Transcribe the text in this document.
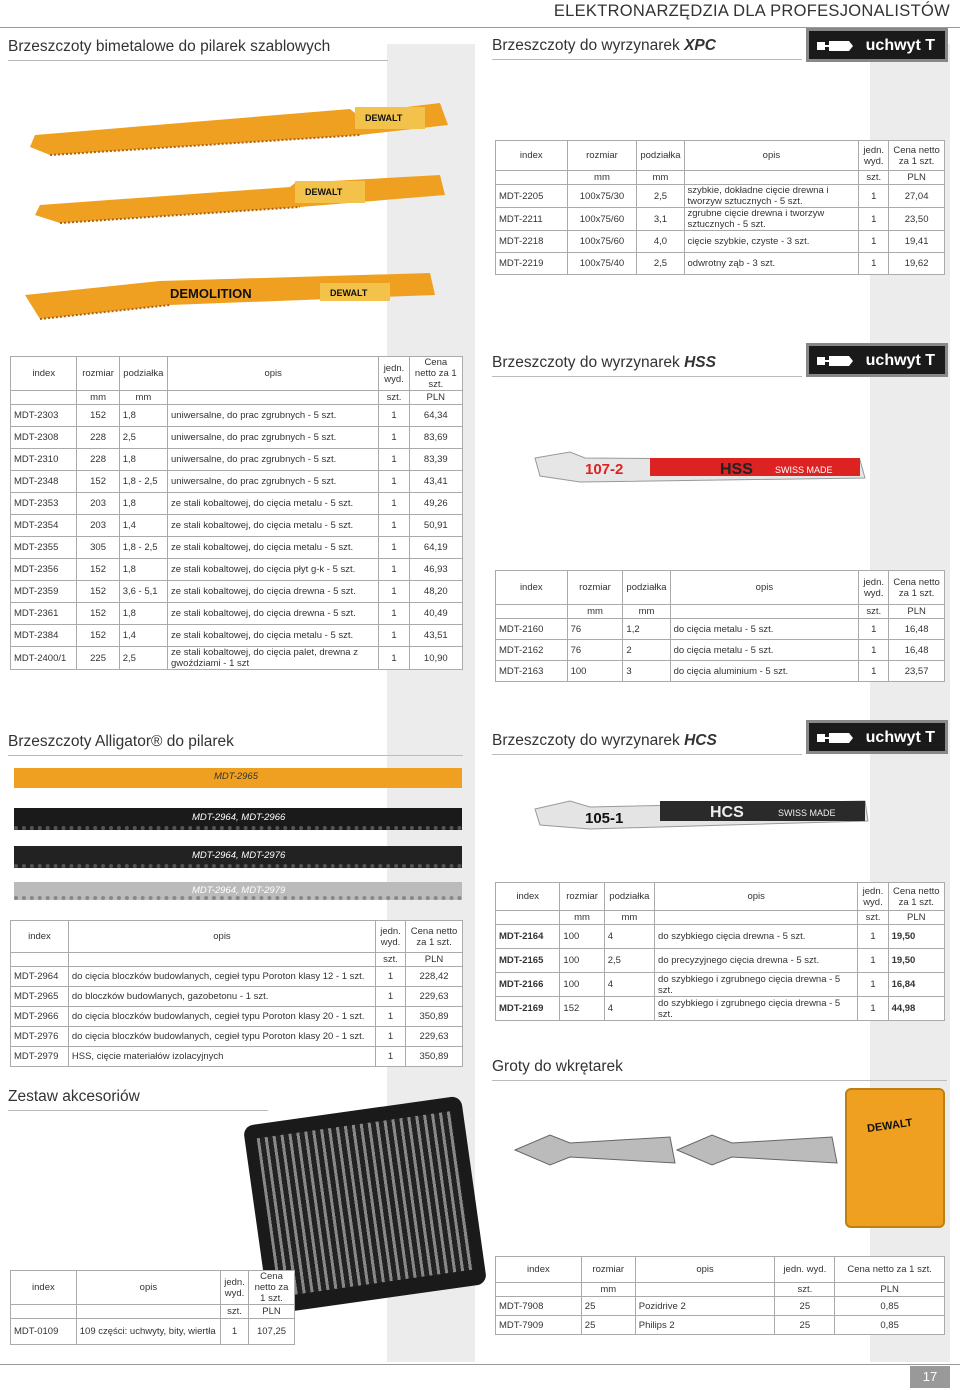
ELEKTRONARZĘDZIA DLA PROFESJONALISTÓW
Brzeszczoty bimetalowe do pilarek szablowych	Brzeszczoty do wyrzynarek XPC
Brzeszczoty do wyrzynarek HSS
Brzeszczoty Alligator® do pilarek	Brzeszczoty do wyrzynarek HCS
Groty do wkrętarek
Zestaw akcesoriów
uchwyt T
uchwyt T
uchwyt T
DEWALT
DEWALT
DEMOLITION	DEWALT
index	rozmiar	podziałka	opis	jedn. wyd.	Cena netto za 1 szt.
	mm	mm		szt.	PLN
MDT-2205	100x75/30	2,5	szybkie, dokładne cięcie drewna i tworzyw sztucznych - 5 szt.	1	27,04
MDT-2211	100x75/60	3,1	zgrubne cięcie drewna i tworzyw sztucznych - 5 szt.	1	23,50
MDT-2218	100x75/60	4,0	cięcie szybkie, czyste - 3 szt.	1	19,41
MDT-2219	100x75/40	2,5	odwrotny ząb - 3 szt.	1	19,62
107-2	HSS SWISS MADE
index	rozmiar	podziałka	opis	jedn. wyd.	Cena netto za 1 szt.
	mm	mm		szt.	PLN
MDT-2303	152	1,8	uniwersalne, do prac zgrubnych - 5 szt.	1	64,34
MDT-2308	228	2,5	uniwersalne, do prac zgrubnych - 5 szt.	1	83,69
MDT-2310	228	1,8	uniwersalne, do prac zgrubnych - 5 szt.	1	83,39
MDT-2348	152	1,8 - 2,5	uniwersalne, do prac zgrubnych - 5 szt.	1	43,41
MDT-2353	203	1,8	ze stali kobaltowej, do cięcia metalu - 5 szt.	1	49,26
MDT-2354	203	1,4	ze stali kobaltowej, do cięcia metalu - 5 szt.	1	50,91
MDT-2355	305	1,8 - 2,5	ze stali kobaltowej, do cięcia metalu - 5 szt.	1	64,19
MDT-2356	152	1,8	ze stali kobaltowej, do cięcia płyt g-k - 5 szt.	1	46,93
MDT-2359	152	3,6 - 5,1	ze stali kobaltowej, do cięcia drewna - 5 szt.	1	48,20
MDT-2361	152	1,8	ze stali kobaltowej, do cięcia drewna - 5 szt.	1	40,49
MDT-2384	152	1,4	ze stali kobaltowej, do cięcia metalu - 5 szt.	1	43,51
MDT-2400/1	225	2,5	ze stali kobaltowej, do cięcia palet, drewna z gwoździami - 1 szt	1	10,90
index	rozmiar	podziałka	opis	jedn. wyd.	Cena netto za 1 szt.
	mm	mm		szt.	PLN
MDT-2160	76	1,2	do cięcia metalu - 5 szt.	1	16,48
MDT-2162	76	2	do cięcia metalu - 5 szt.	1	16,48
MDT-2163	100	3	do cięcia aluminium - 5 szt.	1	23,57
MDT-2965
MDT-2964, MDT-2966
MDT-2964, MDT-2976
MDT-2964, MDT-2979
index	opis	jedn. wyd.	Cena netto za 1 szt.
		szt.	PLN
MDT-2964	do cięcia bloczków budowlanych, cegieł typu Poroton klasy 12 - 1 szt.	1	228,42
MDT-2965	do bloczków budowlanych, gazobetonu - 1 szt.	1	229,63
MDT-2966	do cięcia bloczków budowlanych, cegieł typu Poroton klasy 20 - 1 szt.	1	350,89
MDT-2976	do cięcia bloczków budowlanych, cegieł typu Poroton klasy 20 - 1 szt.	1	229,63
MDT-2979	HSS, cięcie materiałów izolacyjnych	1	350,89
105-1	HCS	SWISS MADE
index	rozmiar	podziałka	opis	jedn. wyd.	Cena netto za 1 szt.
	mm	mm		szt.	PLN
MDT-2164	100	4	do szybkiego cięcia drewna - 5 szt.	1	19,50
MDT-2165	100	2,5	do precyzyjnego cięcia drewna - 5 szt.	1	19,50
MDT-2166	100	4	do szybkiego i zgrubnego cięcia drewna - 5 szt.	1	16,84
MDT-2169	152	4	do szybkiego i zgrubnego cięcia drewna - 5 szt.	1	44,98
DEWALT
index	opis	jedn. wyd.	Cena netto za 1 szt.
		szt.	PLN
MDT-0109	109 części: uchwyty, bity, wiertła	1	107,25
index	rozmiar	opis	jedn. wyd.	Cena netto za 1 szt.
	mm		szt.	PLN
MDT-7908	25	Pozidrive 2	25	0,85
MDT-7909	25	Philips 2	25	0,85
17
